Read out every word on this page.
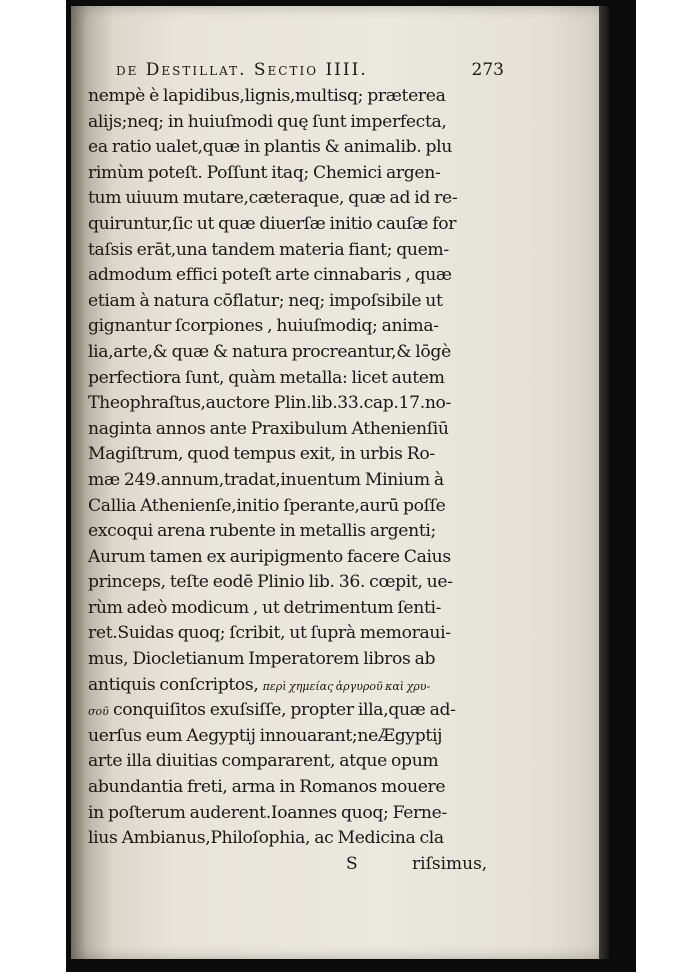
de Destillat. Sectio IIII.	273
nempè è lapidibus,lignis,multisq; præterea
alijs;neq; in huiuſmodi quę ſunt imperfecta,
ea ratio ualet,quæ in plantis & animalib. plu
rimùm poteſt. Poſſunt itaq; Chemici argen-
tum uiuum mutare,cæteraque, quæ ad id re-
quiruntur,ſic ut quæ diuerſæ initio cauſæ for
taſsis erāt,una tandem materia fiant; quem-
admodum effici poteſt arte cinnabaris , quæ
etiam à natura cōflatur; neq; impoſsibile ut
gignantur ſcorpiones , huiuſmodiq; anima-
lia,arte,& quæ & natura procreantur,& lōgè
perfectiora ſunt, quàm metalla: licet autem
Theophraſtus,auctore Plin.lib.33.cap.17.no-
naginta annos ante Praxibulum Athenienſiū
Magiſtrum, quod tempus exit, in urbis Ro-
mæ 249.annum,tradat,inuentum Minium à
Callia Athenienſe,initio ſperante,aurū poſſe
excoqui arena rubente in metallis argenti;
Aurum tamen ex auripigmento facere Caius
princeps, teſte eodē Plinio lib. 36. cœpit, ue-
rùm adeò modicum , ut detrimentum ſenti-
ret.Suidas quoq; ſcribit, ut ſuprà memoraui-
mus, Diocletianum Imperatorem libros ab
antiquis conſcriptos, περὶ χημείας ἀργυροῦ καὶ χρυ-
σοῦ conquiſitos exuſsiſſe, propter illa,quæ ad-
uerſus eum Aegyptij innouarant;neÆgyptij
arte illa diuitias compararent, atque opum
abundantia freti, arma in Romanos mouere
in poſterum auderent.Ioannes quoq; Ferne-
lius Ambianus,Philoſophia, ac Medicina cla
S	riſsimus,
